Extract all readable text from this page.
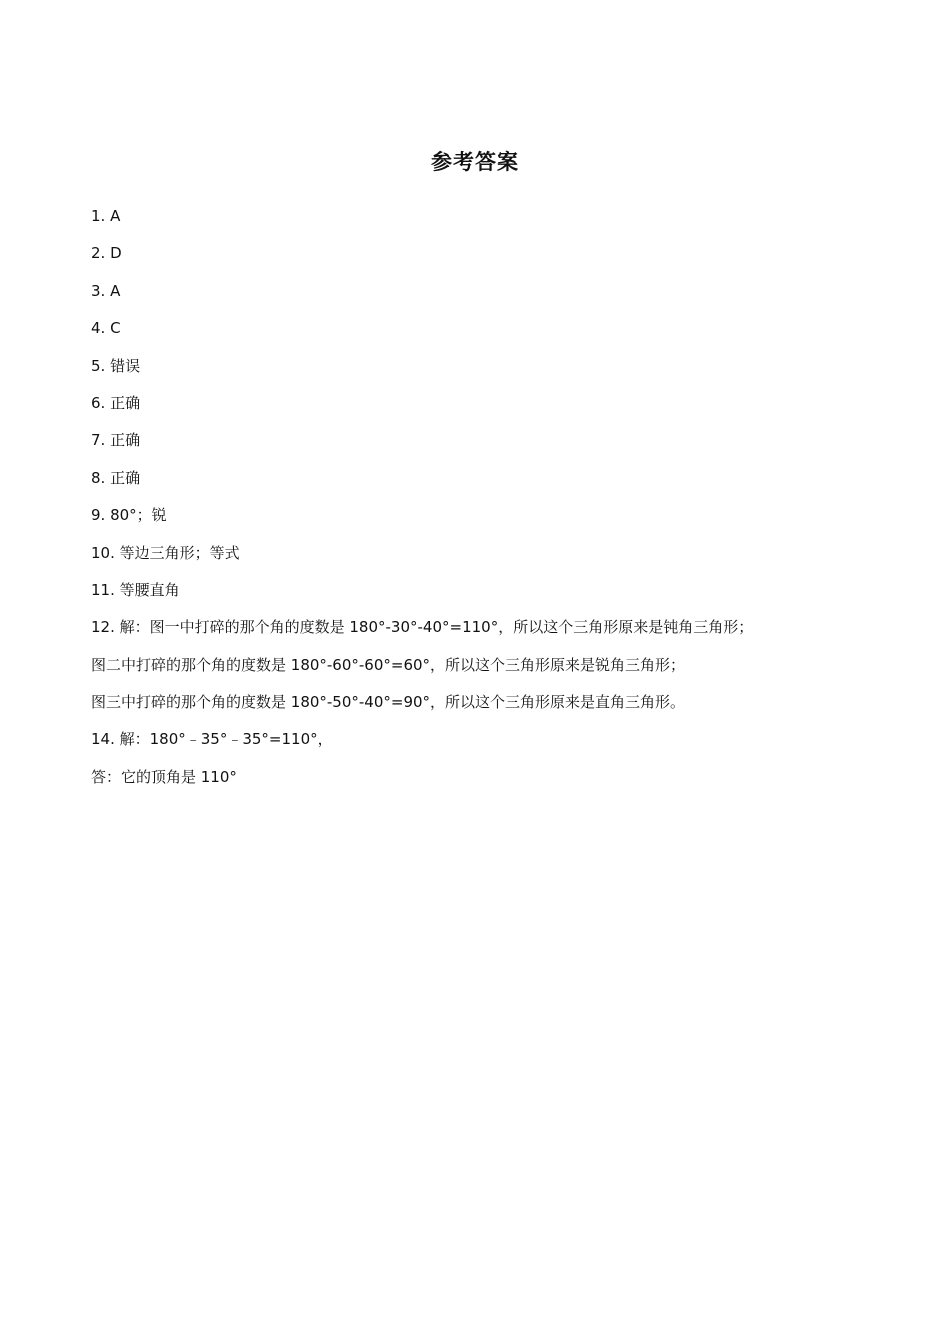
参考答案
1. A
2. D
3. A
4. C
5. 错误
6. 正确
7. 正确
8. 正确
9. 80°；锐
10. 等边三角形；等式
11. 等腰直角
12. 解：图一中打碎的那个角的度数是 180°-30°-40°=110°，所以这个三角形原来是钝角三角形；
图二中打碎的那个角的度数是 180°-60°-60°=60°，所以这个三角形原来是锐角三角形；
图三中打碎的那个角的度数是 180°-50°-40°=90°，所以这个三角形原来是直角三角形。
14. 解：180°﹣35°﹣35°=110°，
答：它的顶角是 110°
